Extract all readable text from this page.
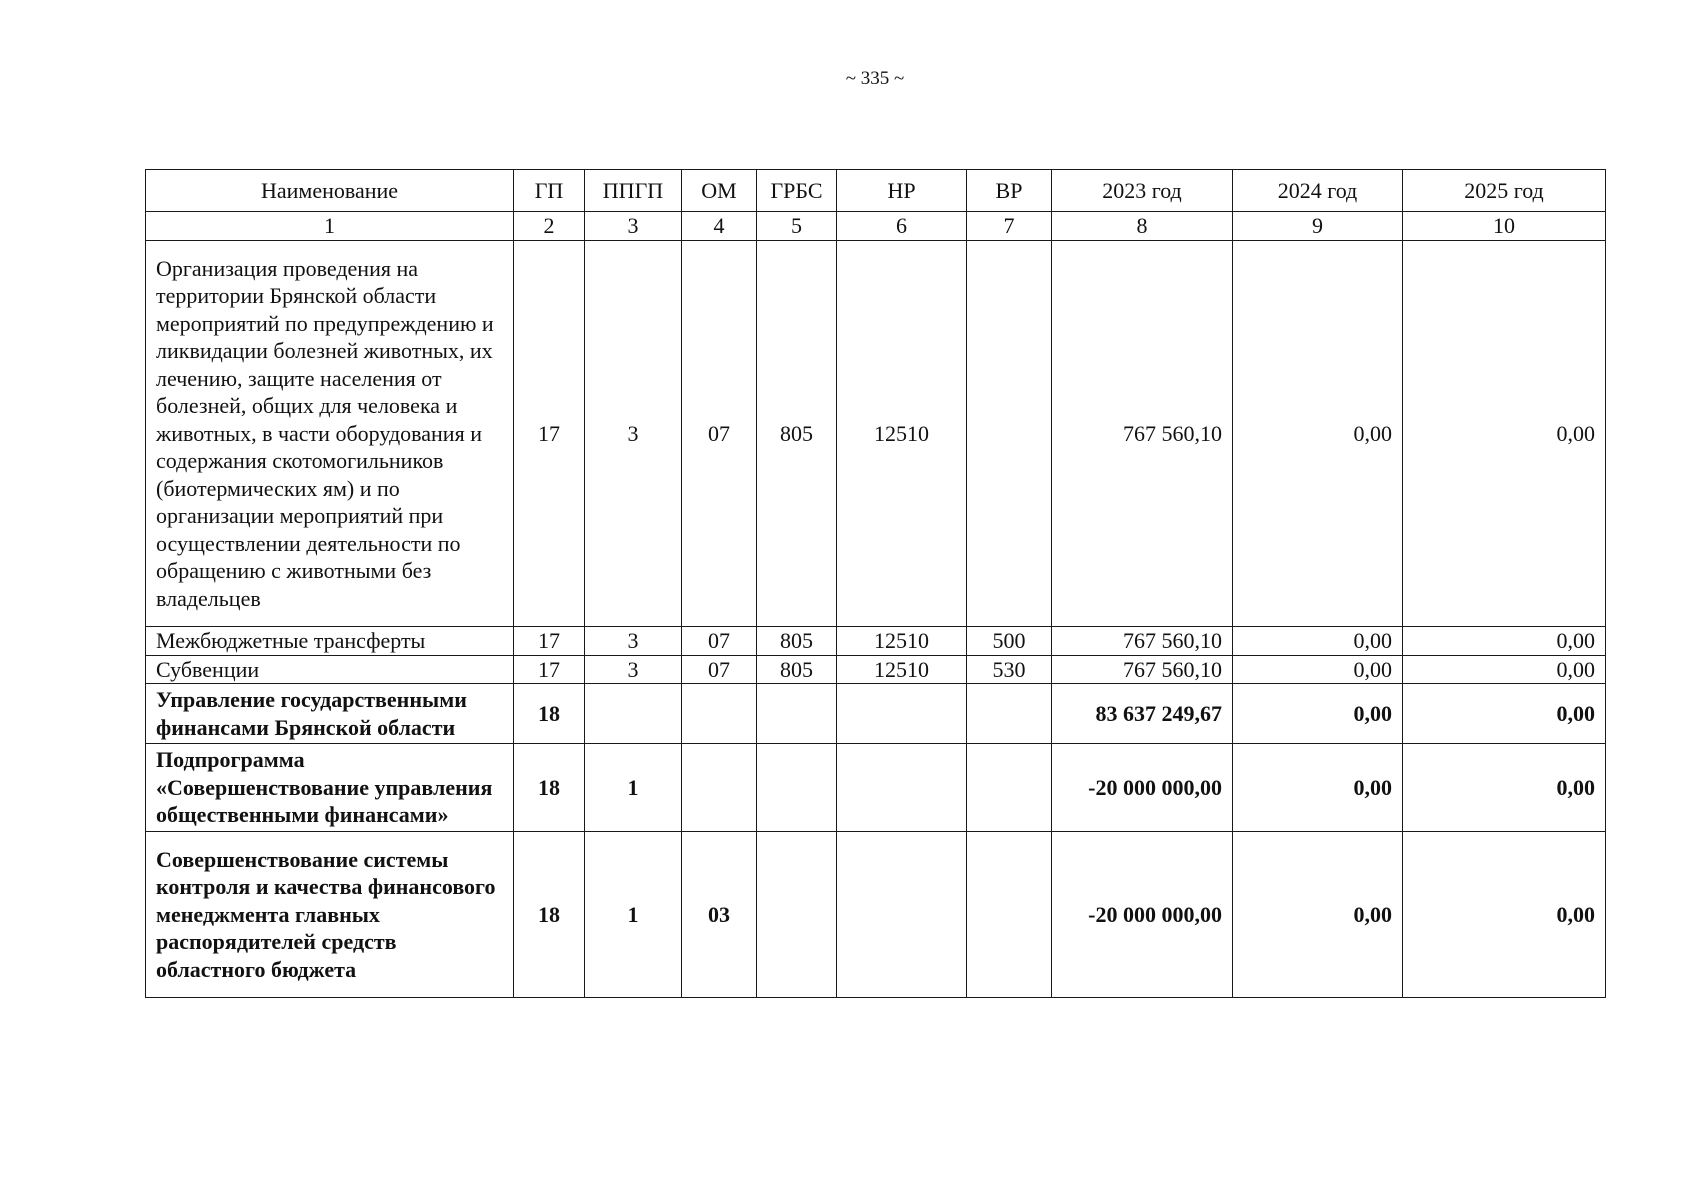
~ 335 ~
Наименование	ГП	ППГП	ОМ	ГРБС	НР	ВР	2023 год	2024 год	2025 год
1	2	3	4	5	6	7	8	9	10
Организация проведения на территории Брянской области мероприятий по предупреждению и ликвидации болезней животных, их лечению, защите населения от болезней, общих для человека и животных, в части оборудования и содержания скотомогильников (биотермических ям) и по организации мероприятий при осуществлении деятельности по обращению с животными без владельцев	17	3	07	805	12510		767 560,10	0,00	0,00
Межбюджетные трансферты	17	3	07	805	12510	500	767 560,10	0,00	0,00
Субвенции	17	3	07	805	12510	530	767 560,10	0,00	0,00
Управление государственными финансами Брянской области	18						83 637 249,67	0,00	0,00
Подпрограмма «Совершенствование управления общественными финансами»	18	1					-20 000 000,00	0,00	0,00
Совершенствование системы контроля и качества финансового менеджмента главных распорядителей средств областного бюджета	18	1	03				-20 000 000,00	0,00	0,00
